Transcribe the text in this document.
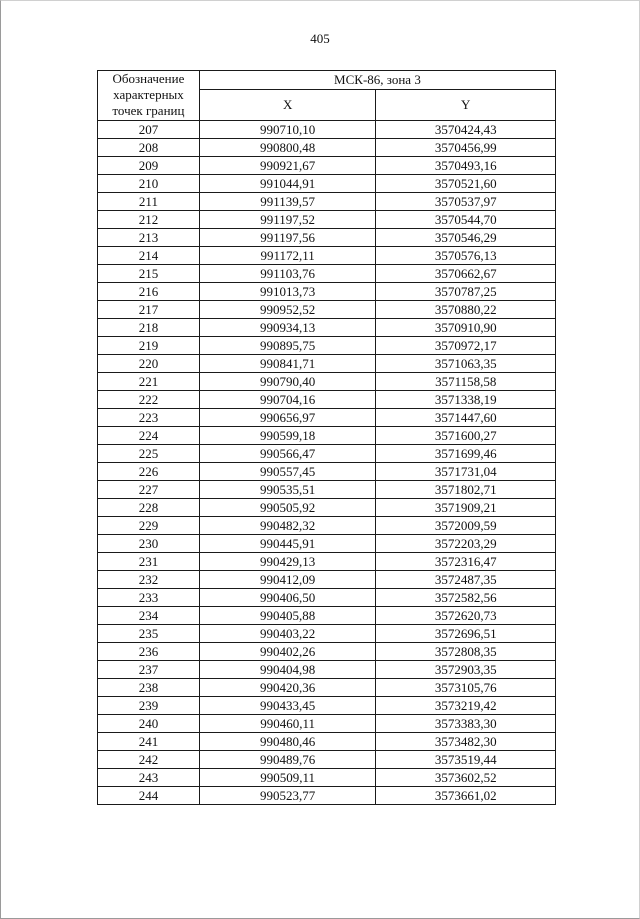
405
Обозначение
характерных
точек границ	МСК-86, зона 3	
	X	Y
207	990710,10	3570424,43
208	990800,48	3570456,99
209	990921,67	3570493,16
210	991044,91	3570521,60
211	991139,57	3570537,97
212	991197,52	3570544,70
213	991197,56	3570546,29
214	991172,11	3570576,13
215	991103,76	3570662,67
216	991013,73	3570787,25
217	990952,52	3570880,22
218	990934,13	3570910,90
219	990895,75	3570972,17
220	990841,71	3571063,35
221	990790,40	3571158,58
222	990704,16	3571338,19
223	990656,97	3571447,60
224	990599,18	3571600,27
225	990566,47	3571699,46
226	990557,45	3571731,04
227	990535,51	3571802,71
228	990505,92	3571909,21
229	990482,32	3572009,59
230	990445,91	3572203,29
231	990429,13	3572316,47
232	990412,09	3572487,35
233	990406,50	3572582,56
234	990405,88	3572620,73
235	990403,22	3572696,51
236	990402,26	3572808,35
237	990404,98	3572903,35
238	990420,36	3573105,76
239	990433,45	3573219,42
240	990460,11	3573383,30
241	990480,46	3573482,30
242	990489,76	3573519,44
243	990509,11	3573602,52
244	990523,77	3573661,02
